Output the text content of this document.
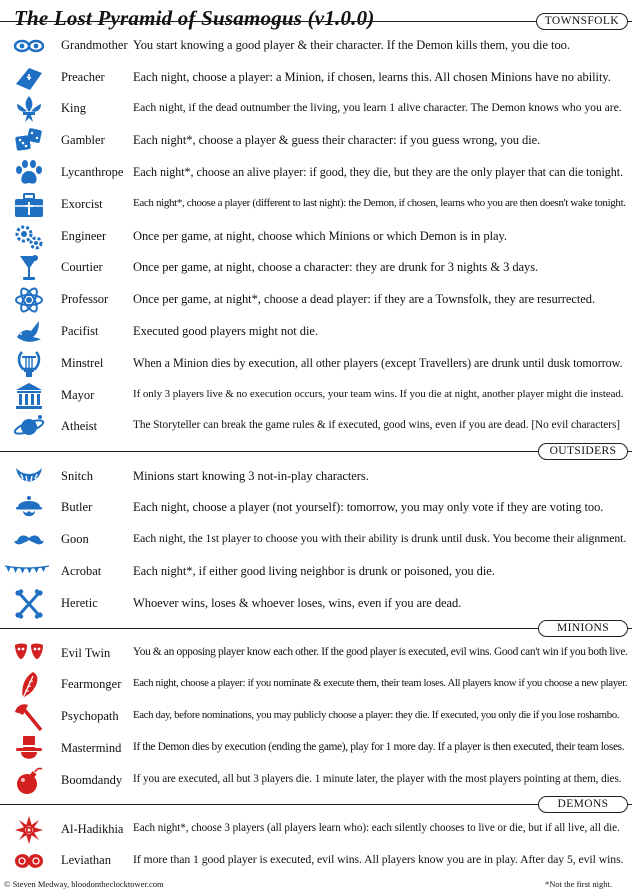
The Lost Pyramid of Susamogus (v1.0.0)	TOWNSFOLK
OUTSIDERS
MINIONS
DEMONS
Grandmother You start knowing a good player & their character. If the Demon kills them, you die too.
Preacher Each night, choose a player: a Minion, if chosen, learns this. All chosen Minions have no ability.
King	Each night, if the dead outnumber the living, you learn 1 alive character. The Demon knows who you are.
Gambler Each night*, choose a player & guess their character: if you guess wrong, you die.
Lycanthrope Each night*, choose an alive player: if good, they die, but they are the only player that can die tonight.
Exorcist	Each night*, choose a player (different to last night): the Demon, if chosen, learns who you are then doesn't wake tonight.
Engineer Once per game, at night, choose which Minions or which Demon is in play.
Courtier Once per game, at night, choose a character: they are drunk for 3 nights & 3 days.
Professor Once per game, at night*, choose a dead player: if they are a Townsfolk, they are resurrected.
Pacifist	Executed good players might not die.
Minstrel When a Minion dies by execution, all other players (except Travellers) are drunk until dusk tomorrow.
Mayor	If only 3 players live & no execution occurs, your team wins. If you die at night, another player might die instead.
Atheist	The Storyteller can break the game rules & if executed, good wins, even if you are dead. [No evil characters]
Snitch	Minions start knowing 3 not-in-play characters.
Butler	Each night, choose a player (not yourself): tomorrow, you may only vote if they are voting too.
Goon	Each night, the 1st player to choose you with their ability is drunk until dusk. You become their alignment.
Acrobat	Each night*, if either good living neighbor is drunk or poisoned, you die.
Heretic	Whoever wins, loses & whoever loses, wins, even if you are dead.
Evil Twin You & an opposing player know each other. If the good player is executed, evil wins. Good can't win if you both live.
Fearmonger Each night, choose a player: if you nominate & execute them, their team loses. All players know if you choose a new player.
Psychopath Each day, before nominations, you may publicly choose a player: they die. If executed, you only die if you lose roshambo.
Mastermind If the Demon dies by execution (ending the game), play for 1 more day. If a player is then executed, their team loses.
Boomdandy If you are executed, all but 3 players die. 1 minute later, the player with the most players pointing at them, dies.
Al-Hadikhia Each night*, choose 3 players (all players learn who): each silently chooses to live or die, but if all live, all die.
Leviathan If more than 1 good player is executed, evil wins. All players know you are in play. After day 5, evil wins.
© Steven Medway, bloodontheclocktower.com	*Not the first night.
